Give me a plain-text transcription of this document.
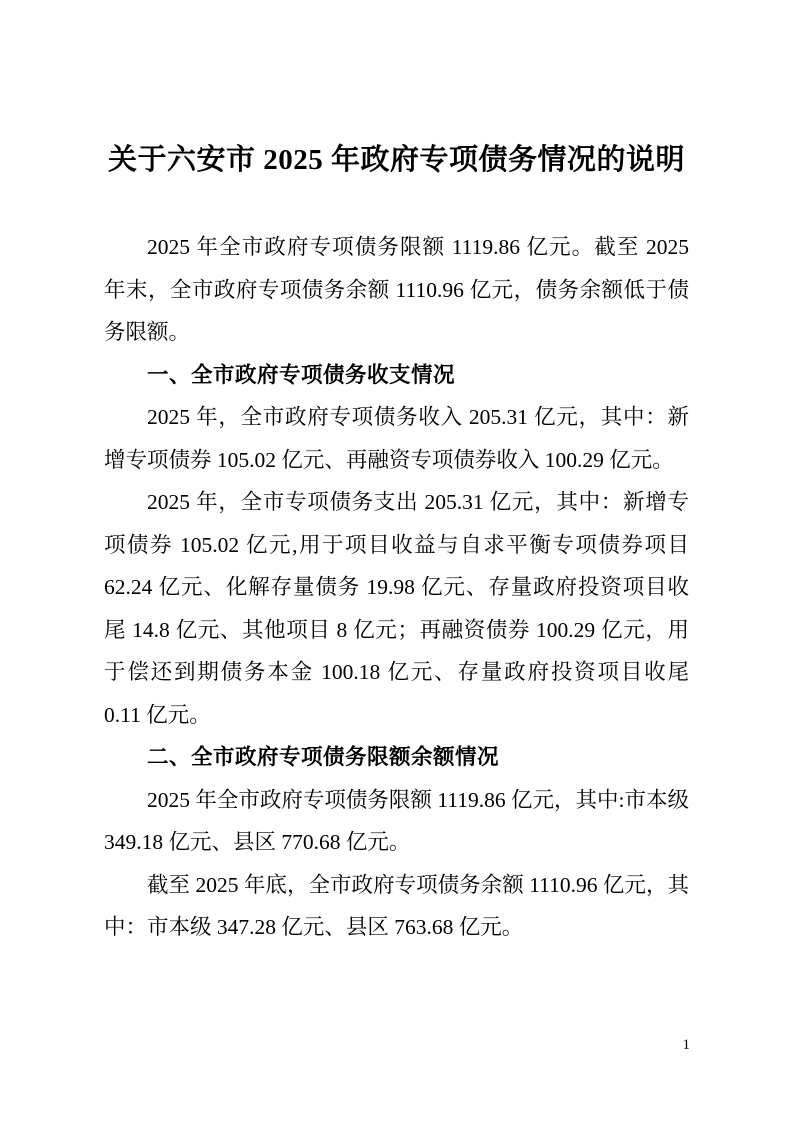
关于六安市 2025 年政府专项债务情况的说明

2025 年全市政府专项债务限额 1119.86 亿元。截至 2025 年末，全市政府专项债务余额 1110.96 亿元，债务余额低于债务限额。

一、全市政府专项债务收支情况

2025 年，全市政府专项债务收入 205.31 亿元，其中：新增专项债券 105.02 亿元、再融资专项债券收入 100.29 亿元。

2025 年，全市专项债务支出 205.31 亿元，其中：新增专项债券 105.02 亿元,用于项目收益与自求平衡专项债券项目 62.24 亿元、化解存量债务 19.98 亿元、存量政府投资项目收尾 14.8 亿元、其他项目 8 亿元；再融资债券 100.29 亿元，用于偿还到期债务本金 100.18 亿元、存量政府投资项目收尾 0.11 亿元。

二、全市政府专项债务限额余额情况

2025 年全市政府专项债务限额 1119.86 亿元，其中:市本级 349.18 亿元、县区 770.68 亿元。

截至 2025 年底，全市政府专项债务余额 1110.96 亿元，其中：市本级 347.28 亿元、县区 763.68 亿元。

1
